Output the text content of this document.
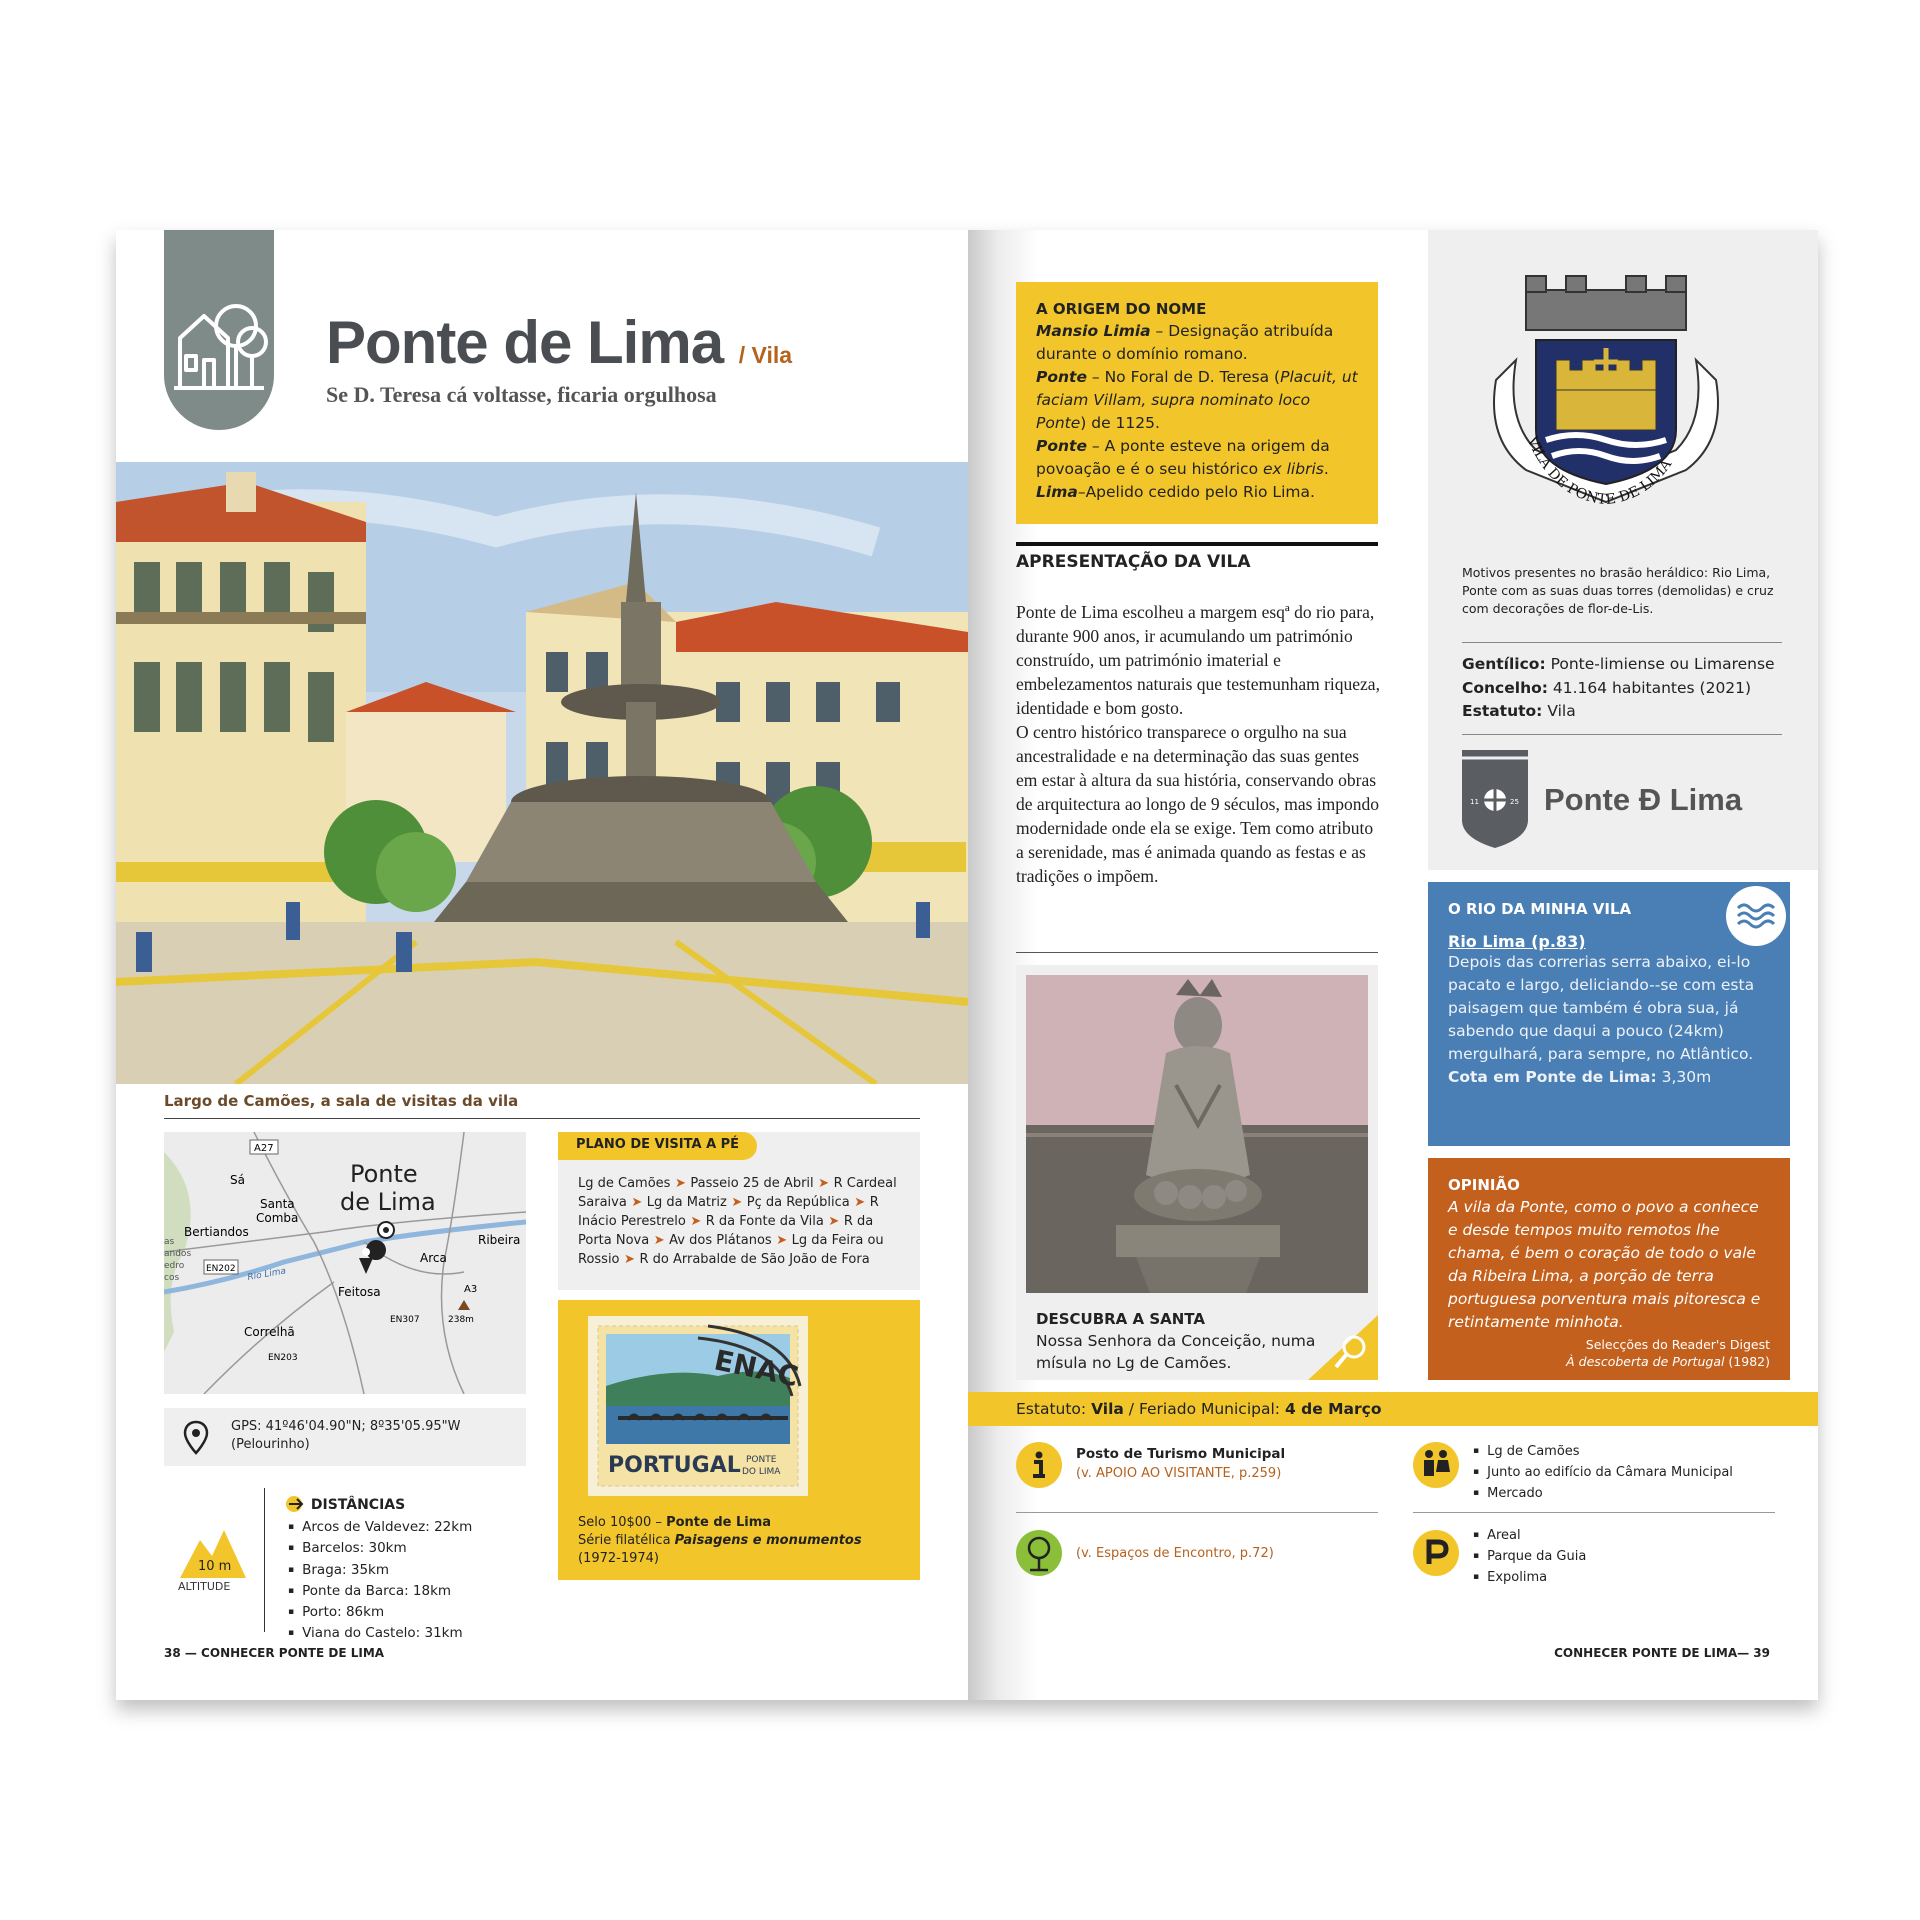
Ponte de Lima / Vila
Se D. Teresa cá voltasse, ficaria orgulhosa
Largo de Camões, a sala de visitas da vila
A27
EN202
A3
EN203
EN307
Ponte
de Lima
Sá
Santa
Comba
Bertiandos
Ribeira
Arca
Feitosa
Correlhã
Rio Lima
238m
as
andos
edro
cos
GPS: 41º46'04.90"N; 8º35'05.95"W
(Pelourinho)
PLANO DE VISITA A PÉ
Lg de Camões ➤ Passeio 25 de Abril ➤ R Cardeal Saraiva ➤ Lg da Matriz ➤ Pç da República ➤ R Inácio Perestrelo ➤ R da Fonte da Vila ➤ R da Porta Nova ➤ Av dos Plátanos ➤ Lg da Feira ou Rossio ➤ R do Arrabalde de São João de Fora
ENAC
PORTUGAL PONTE
DO LIMA
Selo 10$00 – Ponte de Lima
Série filatélica Paisagens e monumentos
(1972-1974)
10 m
ALTITUDE
DISTÂNCIAS
▪ Arcos de Valdevez: 22km
▪ Barcelos: 30km
▪ Braga: 35km
▪ Ponte da Barca: 18km
▪ Porto: 86km
▪ Viana do Castelo: 31km
38 — CONHECER PONTE DE LIMA
A ORIGEM DO NOME

Mansio Limia – Designação atribuída durante o domínio romano.
Ponte – No Foral de D. Teresa (Placuit, ut faciam Villam, supra nominato loco Ponte) de 1125.
Ponte – A ponte esteve na origem da povoação e é o seu histórico ex libris.
Lima–Apelido cedido pelo Rio Lima.

APRESENTAÇÃO DA VILA

Ponte de Lima escolheu a margem esqª do rio para, durante 900 anos, ir acumulando um património construído, um património imaterial e embelezamentos naturais que testemunham riqueza, identidade e bom gosto.

O centro histórico transparece o orgulho na sua ancestralidade e na determinação das suas gentes em estar à altura da sua história, conservando obras de arquitectura ao longo de 9 séculos, mas impondo modernidade onde ela se exige. Tem como atributo a serenidade, mas é animada quando as festas e as tradições o impõem.

DESCUBRA A SANTA
Nossa Senhora da Conceição, numa mísula no Lg de Camões.
VILA DE PONTE DE LIMA
Motivos presentes no brasão heráldico: Rio Lima, Ponte com as suas duas torres (demolidas) e cruz com decorações de flor-de-Lis.
Gentílico: Ponte-limiense ou Limarense
Concelho: 41.164 habitantes (2021)
Estatuto: Vila
11	25 Ponte Ð Lima
O RIO DA MINHA VILA
Rio Lima (p.83)

Depois das correrias serra abaixo, ei-lo pacato e largo, deliciando--se com esta paisagem que também é obra sua, já sabendo que daqui a pouco (24km) mergulhará, para sempre, no Atlântico.

Cota em Ponte de Lima: 3,30m

OPINIÃO

A vila da Ponte, como o povo a conhece e desde tempos muito remotos lhe chama, é bem o coração de todo o vale da Ribeira Lima, a porção de terra portuguesa porventura mais pitoresca e retintamente minhota.

Selecções do Reader's Digest
À descoberta de Portugal (1982)

Estatuto: Vila / Feriado Municipal: 4 de Março
Posto de Turismo Municipal
(v. APOIO AO VISITANTE, p.259)
(v. Espaços de Encontro, p.72)
▪ Lg de Camões
▪ Junto ao edifício da Câmara Municipal
▪ Mercado
▪ Areal
▪ Parque da Guia
▪ Expolima
CONHECER PONTE DE LIMA— 39
